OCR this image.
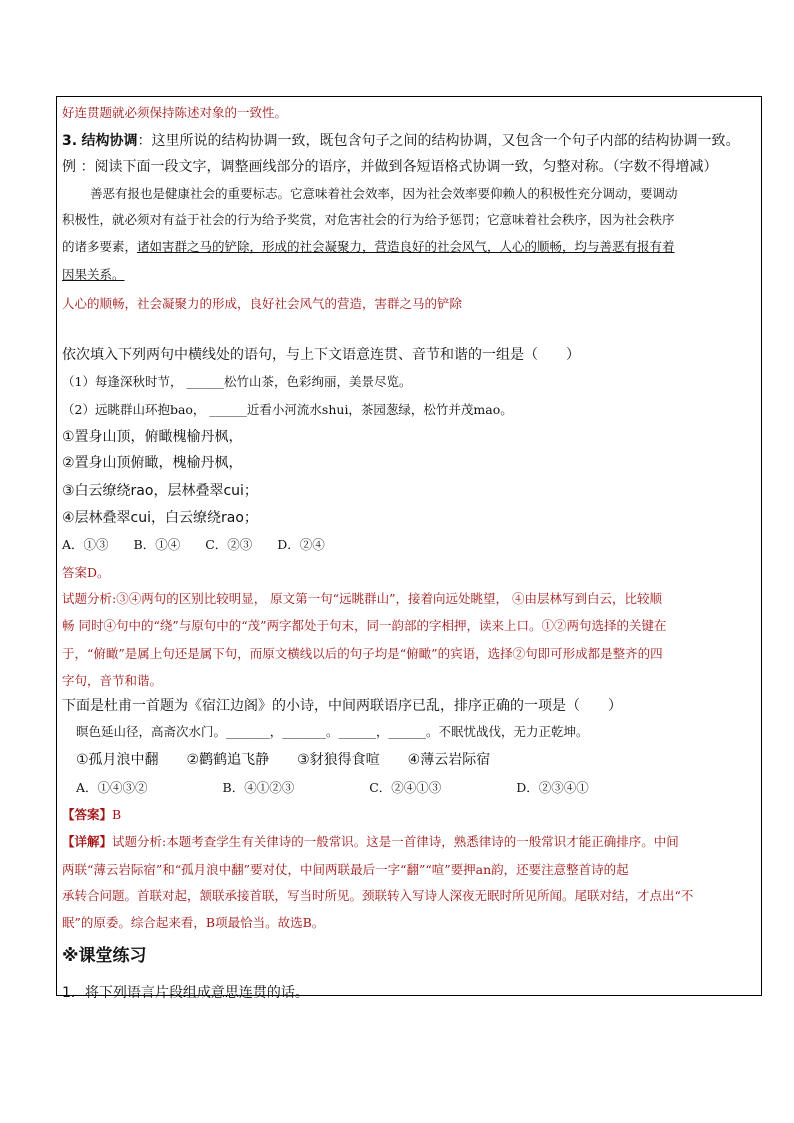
好连贯题就必须保持陈述对象的一致性。
3. 结构协调：这里所说的结构协调一致，既包含句子之间的结构协调，又包含一个句子内部的结构协调一致。
例 ：阅读下面一段文字，调整画线部分的语序，并做到各短语格式协调一致，匀整对称。（字数不得增减）
善恶有报也是健康社会的重要标志。它意味着社会效率，因为社会效率要仰赖人的积极性充分调动，要调动
积极性，就必须对有益于社会的行为给予奖赏，对危害社会的行为给予惩罚；它意味着社会秩序，因为社会秩序
的诸多要素，诸如害群之马的铲除，形成的社会凝聚力，营造良好的社会风气，人心的顺畅，均与善恶有报有着
因果关系。
人心的顺畅，社会凝聚力的形成，良好社会风气的营造，害群之马的铲除
依次填入下列两句中横线处的语句，与上下文语意连贯、音节和谐的一组是（　　）
（1）每逢深秋时节， ______松竹山茶，色彩绚丽，美景尽览。
（2）远眺群山环抱bao， ______近看小河流水shui，茶园葱绿，松竹并茂mao。
①置身山顶，俯瞰槐榆丹枫，
②置身山顶俯瞰，槐榆丹枫，
③白云缭绕rao，层林叠翠cui；
④层林叠翠cui，白云缭绕rao；
A．①③　　B．①④　　C．②③　　D．②④
答案D。
试题分析:③④两句的区别比较明显， 原文第一句“远眺群山”，接着向远处眺望， ④由层林写到白云，比较顺
畅 同时④句中的“绕”与原句中的“茂”两字都处于句末，同一韵部的字相押，读来上口。①②两句选择的关键在
于，“俯瞰”是属上句还是属下句，而原文横线以后的句子均是“俯瞰”的宾语，选择②句即可形成都是整齐的四
字句，音节和谐。
下面是杜甫一首题为《宿江边阁》的小诗，中间两联语序已乱，排序正确的一项是（　　）
暝色延山径，高斋次水门。_______，_______。______，______。不眠忧战伐，无力正乾坤。
①孤月浪中翻　　②鹳鹤追飞静　　③豺狼得食喧　　④薄云岩际宿
A．①④③②　　　　　　B．④①②③　　　　　　C．②④①③　　　　　　D．②③④①
【答案】B
【详解】试题分析:本题考查学生有关律诗的一般常识。这是一首律诗，熟悉律诗的一般常识才能正确排序。中间
两联“薄云岩际宿”和“孤月浪中翻”要对仗，中间两联最后一字“翻”“喧”要押an韵，还要注意整首诗的起
承转合问题。首联对起，颔联承接首联，写当时所见。颈联转入写诗人深夜无眠时所见所闻。尾联对结，才点出“不
眠”的原委。综合起来看，B项最恰当。故选B。
※课堂练习
1．将下列语言片段组成意思连贯的话。
